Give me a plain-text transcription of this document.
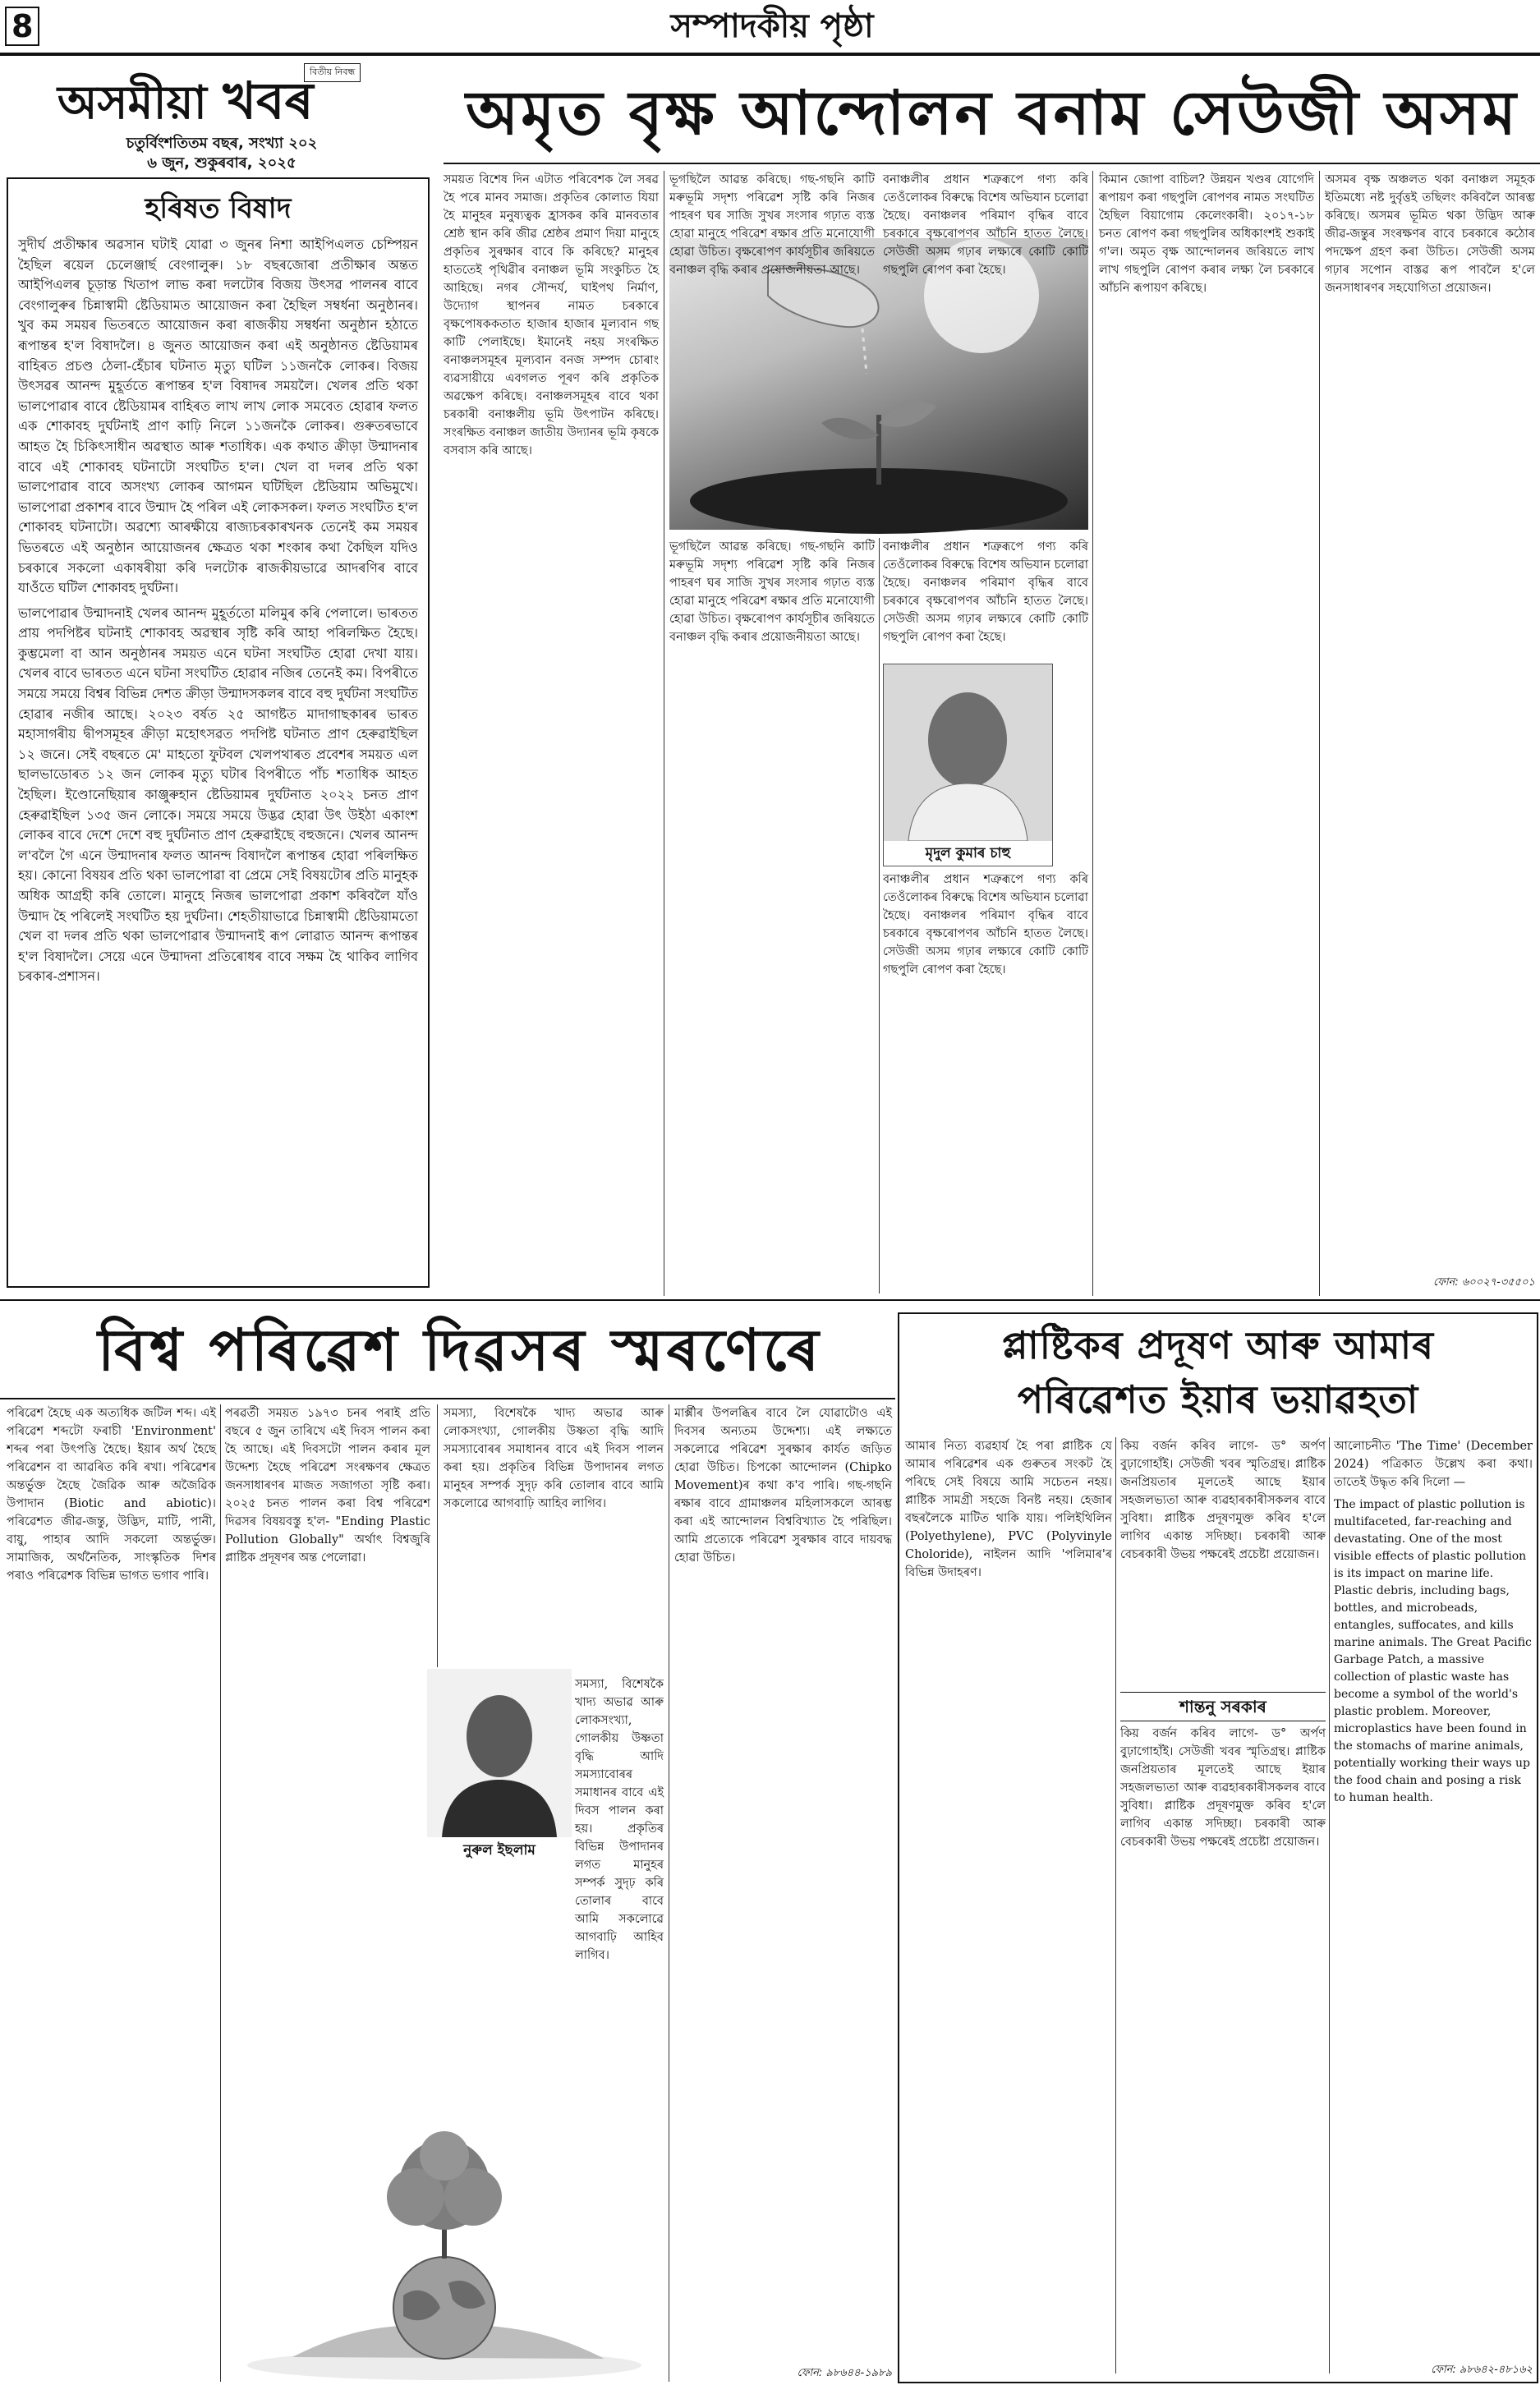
8	সম্পাদকীয় পৃষ্ঠা
বিতীয় নিবন্ধ
অসমীয়া খবৰ
চতুৰ্বিংশতিতম বছৰ, সংখ্যা ২০২
৬ জুন, শুকুৰবাৰ, ২০২৫
অমৃত বৃক্ষ আন্দোলন বনাম সেউজী অসম
হৰিষত বিষাদ

সুদীৰ্ঘ প্ৰতীক্ষাৰ অৱসান ঘটাই যোৱা ৩ জুনৰ নিশা আইপিএলত চেম্পিয়ন হৈছিল ৰয়েল চেলেঞ্জাৰ্ছ বেংগালুৰু। ১৮ বছৰজোৰা প্ৰতীক্ষাৰ অন্তত আইপিএলৰ চূড়ান্ত খিতাপ লাভ কৰা দলটোৰ বিজয় উৎসৱ পালনৰ বাবে বেংগালুৰুৰ চিন্নাস্বামী ষ্টেডিয়ামত আয়োজন কৰা হৈছিল সম্বৰ্ধনা অনুষ্ঠানৰ। খুব কম সময়ৰ ভিতৰতে আয়োজন কৰা ৰাজকীয় সম্বৰ্ধনা অনুষ্ঠান হঠাতে ৰূপান্তৰ হ'ল বিষাদলৈ। ৪ জুনত আয়োজন কৰা এই অনুষ্ঠানত ষ্টেডিয়ামৰ বাহিৰত প্ৰচণ্ড ঠেলা-হেঁচাৰ ঘটনাত মৃত্যু ঘটিল ১১জনকৈ লোকৰ। বিজয় উৎসৱৰ আনন্দ মুহূৰ্ততে ৰূপান্তৰ হ'ল বিষাদৰ সময়লৈ। খেলৰ প্ৰতি থকা ভালপোৱাৰ বাবে ষ্টেডিয়ামৰ বাহিৰত লাখ লাখ লোক সমবেত হোৱাৰ ফলত এক শোকাবহ দুৰ্ঘটনাই প্ৰাণ কাঢ়ি নিলে ১১জনকৈ লোকৰ। গুৰুতৰভাবে আহত হৈ চিকিৎসাধীন অৱস্থাত আৰু শতাধিক। এক কথাত ক্ৰীড়া উন্মাদনাৰ বাবে এই শোকাবহ ঘটনাটো সংঘটিত হ'ল। খেল বা দলৰ প্ৰতি থকা ভালপোৱাৰ বাবে অসংখ্য লোকৰ আগমন ঘটিছিল ষ্টেডিয়াম অভিমুখে। ভালপোৱা প্ৰকাশৰ বাবে উন্মাদ হৈ পৰিল এই লোকসকল। ফলত সংঘটিত হ'ল শোকাবহ ঘটনাটো। অৱশ্যে আৰক্ষীয়ে ৰাজ্যচৰকাৰখনক তেনেই কম সময়ৰ ভিতৰতে এই অনুষ্ঠান আয়োজনৰ ক্ষেত্ৰত থকা শংকাৰ কথা কৈছিল যদিও চৰকাৰে সকলো একাষৰীয়া কৰি দলটোক ৰাজকীয়ভাৱে আদৰণিৰ বাবে যাওঁতে ঘটিল শোকাবহ দুৰ্ঘটনা।

ভালপোৱাৰ উন্মাদনাই খেলৰ আনন্দ মুহূৰ্ততো মলিমুৰ কৰি পেলালে। ভাৰতত প্ৰায় পদপিষ্টৰ ঘটনাই শোকাবহ অৱস্থাৰ সৃষ্টি কৰি আহা পৰিলক্ষিত হৈছে। কুম্ভমেলা বা আন অনুষ্ঠানৰ সময়ত এনে ঘটনা সংঘটিত হোৱা দেখা যায়। খেলৰ বাবে ভাৰতত এনে ঘটনা সংঘটিত হোৱাৰ নজিৰ তেনেই কম। বিপৰীতে সময়ে সময়ে বিশ্বৰ বিভিন্ন দেশত ক্ৰীড়া উন্মাদসকলৰ বাবে বহু দুৰ্ঘটনা সংঘটিত হোৱাৰ নজীৰ আছে। ২০২৩ বৰ্ষত ২৫ আগষ্টত মাদাগাছকাৰৰ ভাৰত মহাসাগৰীয় দ্বীপসমূহৰ ক্ৰীড়া মহোৎসৱত পদপিষ্ট ঘটনাত প্ৰাণ হেৰুৱাইছিল ১২ জনে। সেই বছৰতে মে' মাহতো ফুটবল খেলপথাৰত প্ৰবেশৰ সময়ত এল ছালভাডোৰত ১২ জন লোকৰ মৃত্যু ঘটাৰ বিপৰীতে পাঁচ শতাধিক আহত হৈছিল। ইণ্ডোনেছিয়াৰ কাঞ্জুৰুহান ষ্টেডিয়ামৰ দুৰ্ঘটনাত ২০২২ চনত প্ৰাণ হেৰুৱাইছিল ১৩৫ জন লোকে। সময়ে সময়ে উদ্ভৱ হোৱা উৎ উইঠা একাংশ লোকৰ বাবে দেশে দেশে বহু দুৰ্ঘটনাত প্ৰাণ হেৰুৱাইছে বহুজনে। খেলৰ আনন্দ ল'বলৈ গৈ এনে উন্মাদনাৰ ফলত আনন্দ বিষাদলৈ ৰূপান্তৰ হোৱা পৰিলক্ষিত হয়। কোনো বিষয়ৰ প্ৰতি থকা ভালপোৱা বা প্ৰেমে সেই বিষয়টোৰ প্ৰতি মানুহক অধিক আগ্ৰহী কৰি তোলে। মানুহে নিজৰ ভালপোৱা প্ৰকাশ কৰিবলৈ যাঁও উন্মাদ হৈ পৰিলেই সংঘটিত হয় দুৰ্ঘটনা। শেহতীয়াভাৱে চিন্নাস্বামী ষ্টেডিয়ামতো খেল বা দলৰ প্ৰতি থকা ভালপোৱাৰ উন্মাদনাই ৰূপ লোৱাত আনন্দ ৰূপান্তৰ হ'ল বিষাদলৈ। সেয়ে এনে উন্মাদনা প্ৰতিৰোধৰ বাবে সক্ষম হৈ থাকিব লাগিব চৰকাৰ-প্ৰশাসন।

সময়ত বিশেষ দিন এটাত পৰিবেশক লৈ সৰৱ হৈ পৰে মানব সমাজ। প্ৰকৃতিৰ কোলাত যিয়া হৈ মানুহৰ মনুষ্যত্বক হ্ৰাসকৰ কৰি মানবতাৰ শ্ৰেষ্ঠ স্থান কৰি জীৱ শ্ৰেষ্ঠৰ প্ৰমাণ দিয়া মানুহে প্ৰকৃতিৰ সুৰক্ষাৰ বাবে কি কৰিছে? মানুহৰ হাততেই পৃথিৱীৰ বনাঞ্চল ভূমি সংকুচিত হৈ আহিছে। নগৰ সৌন্দৰ্য, ঘাইপথ নিৰ্মাণ, উদ্যোগ স্থাপনৰ নামত চৰকাৰে বৃক্ষপোষককতাত হাজাৰ হাজাৰ মূল্যবান গছ কাটি পেলাইছে। ইমানেই নহয় সংৰক্ষিত বনাঞ্চলসমূহৰ মূল্যবান বনজ সম্পদ চোৰাং ব্যৱসায়ীয়ে এবগলত পূৰণ কৰি প্ৰকৃতিক অৱক্ষেপ কৰিছে। বনাঞ্চলসমূহৰ বাবে থকা চৰকাৰী বনাঞ্চলীয় ভূমি উৎপাটন কৰিছে। সংৰক্ষিত বনাঞ্চল জাতীয় উদ্যানৰ ভূমি কৃষকে বসবাস কৰি আছে।
ভূগছিলৈ আৱন্ত কৰিছে। গছ-গছনি কাটি মৰুভূমি সদৃশ্য পৰিৱেশ সৃষ্টি কৰি নিজৰ পাহৰণ ঘৰ সাজি সুখৰ সংসাৰ গঢ়াত ব্যস্ত হোৱা মানুহে পৰিৱেশ ৰক্ষাৰ প্ৰতি মনোযোগী হোৱা উচিত। বৃক্ষৰোপণ কাৰ্যসূচীৰ জৰিয়তে বনাঞ্চল বৃদ্ধি কৰাৰ প্ৰয়োজনীয়তা আছে।
বনাঞ্চলীৰ প্ৰধান শত্ৰুৰূপে গণ্য কৰি তেওঁলোকৰ বিৰুদ্ধে বিশেষ অভিযান চলোৱা হৈছে। বনাঞ্চলৰ পৰিমাণ বৃদ্ধিৰ বাবে চৰকাৰে বৃক্ষৰোপণৰ আঁচনি হাতত লৈছে। সেউজী অসম গঢ়াৰ লক্ষ্যৰে কোটি কোটি গছপুলি ৰোপণ কৰা হৈছে।
ভূগছিলৈ আৱন্ত কৰিছে। গছ-গছনি কাটি মৰুভূমি সদৃশ্য পৰিৱেশ সৃষ্টি কৰি নিজৰ পাহৰণ ঘৰ সাজি সুখৰ সংসাৰ গঢ়াত ব্যস্ত হোৱা মানুহে পৰিৱেশ ৰক্ষাৰ প্ৰতি মনোযোগী হোৱা উচিত। বৃক্ষৰোপণ কাৰ্যসূচীৰ জৰিয়তে বনাঞ্চল বৃদ্ধি কৰাৰ প্ৰয়োজনীয়তা আছে।
মৃদুল কুমাৰ চাহু
বনাঞ্চলীৰ প্ৰধান শত্ৰুৰূপে গণ্য কৰি তেওঁলোকৰ বিৰুদ্ধে বিশেষ অভিযান চলোৱা হৈছে। বনাঞ্চলৰ পৰিমাণ বৃদ্ধিৰ বাবে চৰকাৰে বৃক্ষৰোপণৰ আঁচনি হাতত লৈছে। সেউজী অসম গঢ়াৰ লক্ষ্যৰে কোটি কোটি গছপুলি ৰোপণ কৰা হৈছে।
বনাঞ্চলীৰ প্ৰধান শত্ৰুৰূপে গণ্য কৰি তেওঁলোকৰ বিৰুদ্ধে বিশেষ অভিযান চলোৱা হৈছে। বনাঞ্চলৰ পৰিমাণ বৃদ্ধিৰ বাবে চৰকাৰে বৃক্ষৰোপণৰ আঁচনি হাতত লৈছে। সেউজী অসম গঢ়াৰ লক্ষ্যৰে কোটি কোটি গছপুলি ৰোপণ কৰা হৈছে।
কিমান জোপা বাচিল? উন্নয়ন খণ্ডৰ যোগেদি ৰূপায়ণ কৰা গছপুলি ৰোপণৰ নামত সংঘটিত হৈছিল বিয়াগোম কেলেংকাৰী। ২০১৭-১৮ চনত ৰোপণ কৰা গছপুলিৰ অধিকাংশই শুকাই গ'ল। অমৃত বৃক্ষ আন্দোলনৰ জৰিয়তে লাখ লাখ গছপুলি ৰোপণ কৰাৰ লক্ষ্য লৈ চৰকাৰে আঁচনি ৰূপায়ণ কৰিছে।
অসমৰ বৃক্ষ অঞ্চলত থকা বনাঞ্চল সমূহক ইতিমধ্যে নষ্ট দুৰ্বৃত্তই তছিলং কৰিবলৈ আৰম্ভ কৰিছে। অসমৰ ভূমিত থকা উদ্ভিদ আৰু জীৱ-জন্তুৰ সংৰক্ষণৰ বাবে চৰকাৰে কঠোৰ পদক্ষেপ গ্ৰহণ কৰা উচিত। সেউজী অসম গঢ়াৰ সপোন বাস্তৱ ৰূপ পাবলৈ হ'লে জনসাধাৰণৰ সহযোগিতা প্ৰয়োজন।
ফোন: ৬০০২৭-৩৫৫০১
বিশ্ব পৰিৱেশ দিৱসৰ স্মৰণেৰে
পৰিৱেশ হৈছে এক অত্যধিক জটিল শব্দ। এই পৰিৱেশ শব্দটো ফৰাচী 'Environment' শব্দৰ পৰা উৎপত্তি হৈছে। ইয়াৰ অৰ্থ হৈছে পৰিৱেশন বা আৱৰিত কৰি ৰখা। পৰিৱেশৰ অন্তৰ্ভুক্ত হৈছে জৈৱিক আৰু অজৈৱিক উপাদান (Biotic and abiotic)। পৰিৱেশত জীৱ-জন্তু, উদ্ভিদ, মাটি, পানী, বায়ু, পাহাৰ আদি সকলো অন্তৰ্ভুক্ত। সামাজিক, অৰ্থনৈতিক, সাংস্কৃতিক দিশৰ পৰাও পৰিৱেশক বিভিন্ন ভাগত ভগাব পাৰি।
পৰৱৰ্তী সময়ত ১৯৭৩ চনৰ পৰাই প্ৰতি বছৰে ৫ জুন তাৰিখে এই দিবস পালন কৰা হৈ আছে। এই দিবসটো পালন কৰাৰ মূল উদ্দেশ্য হৈছে পৰিৱেশ সংৰক্ষণৰ ক্ষেত্ৰত জনসাধাৰণৰ মাজত সজাগতা সৃষ্টি কৰা। ২০২৫ চনত পালন কৰা বিশ্ব পৰিৱেশ দিৱসৰ বিষয়বস্তু হ'ল- "Ending Plastic Pollution Globally" অৰ্থাৎ বিশ্বজুৰি প্লাষ্টিক প্ৰদূষণৰ অন্ত পেলোৱা।
নুৰুল ইছলাম
সমস্যা, বিশেষকৈ খাদ্য অভাৱ আৰু লোকসংখ্যা, গোলকীয় উষ্ণতা বৃদ্ধি আদি সমস্যাবোৰৰ সমাধানৰ বাবে এই দিবস পালন কৰা হয়। প্ৰকৃতিৰ বিভিন্ন উপাদানৰ লগত মানুহৰ সম্পৰ্ক সুদৃঢ় কৰি তোলাৰ বাবে আমি সকলোৱে আগবাঢ়ি আহিব লাগিব।
সমস্যা, বিশেষকৈ খাদ্য অভাৱ আৰু লোকসংখ্যা, গোলকীয় উষ্ণতা বৃদ্ধি আদি সমস্যাবোৰৰ সমাধানৰ বাবে এই দিবস পালন কৰা হয়। প্ৰকৃতিৰ বিভিন্ন উপাদানৰ লগত মানুহৰ সম্পৰ্ক সুদৃঢ় কৰি তোলাৰ বাবে আমি সকলোৱে আগবাঢ়ি আহিব লাগিব।
মাৰ্ক্সীৰ উপলব্ধিৰ বাবে লৈ যোৱাটোও এই দিবসৰ অন্যতম উদ্দেশ্য। এই লক্ষ্যতে সকলোৱে পৰিৱেশ সুৰক্ষাৰ কাৰ্যত জড়িত হোৱা উচিত। চিপকো আন্দোলন (Chipko Movement)ৰ কথা ক'ব পাৰি। গছ-গছনি ৰক্ষাৰ বাবে গ্ৰামাঞ্চলৰ মহিলাসকলে আৰম্ভ কৰা এই আন্দোলন বিশ্ববিখ্যাত হৈ পৰিছিল। আমি প্ৰত্যেকে পৰিৱেশ সুৰক্ষাৰ বাবে দায়বদ্ধ হোৱা উচিত।
ফোন: ৯৮৬৪৪-১৯৮৯
প্লাষ্টিকৰ প্ৰদূষণ আৰু আমাৰ
পৰিৱেশত ইয়াৰ ভয়াৱহতা
আমাৰ নিত্য ব্যৱহাৰ্য হৈ পৰা প্লাষ্টিক যে আমাৰ পৰিৱেশৰ এক গুৰুতৰ সংকট হৈ পৰিছে সেই বিষয়ে আমি সচেতন নহয়। প্লাষ্টিক সামগ্ৰী সহজে বিনষ্ট নহয়। হেজাৰ বছৰলৈকে মাটিত থাকি যায়। পলিইথিলিন (Polyethylene), PVC (Polyvinyle Choloride), নাইলন আদি 'পলিমাৰ'ৰ বিভিন্ন উদাহৰণ।
কিয় বৰ্জন কৰিব লাগে- ড° অৰ্পণ বুঢ়াগোহাঁই। সেউজী খবৰ স্মৃতিগ্ৰন্থ। প্লাষ্টিক জনপ্ৰিয়তাৰ মূলতেই আছে ইয়াৰ সহজলভ্যতা আৰু ব্যৱহাৰকাৰীসকলৰ বাবে সুবিধা। প্লাষ্টিক প্ৰদূষণমুক্ত কৰিব হ'লে লাগিব একান্ত সদিচ্ছা। চৰকাৰী আৰু বেচৰকাৰী উভয় পক্ষৰেই প্ৰচেষ্টা প্ৰয়োজন।
শান্তনু সৰকাৰ
কিয় বৰ্জন কৰিব লাগে- ড° অৰ্পণ বুঢ়াগোহাঁই। সেউজী খবৰ স্মৃতিগ্ৰন্থ। প্লাষ্টিক জনপ্ৰিয়তাৰ মূলতেই আছে ইয়াৰ সহজলভ্যতা আৰু ব্যৱহাৰকাৰীসকলৰ বাবে সুবিধা। প্লাষ্টিক প্ৰদূষণমুক্ত কৰিব হ'লে লাগিব একান্ত সদিচ্ছা। চৰকাৰী আৰু বেচৰকাৰী উভয় পক্ষৰেই প্ৰচেষ্টা প্ৰয়োজন।

আলোচনীত 'The Time' (December 2024) পত্ৰিকাত উল্লেখ কৰা কথা। তাতেই উদ্ধৃত কৰি দিলো —

The impact of plastic pollution is multifaceted, far-reaching and devastating. One of the most visible effects of plastic pollution is its impact on marine life. Plastic debris, including bags, bottles, and microbeads, entangles, suffocates, and kills marine animals. The Great Pacific Garbage Patch, a massive collection of plastic waste has become a symbol of the world's plastic problem. Moreover, microplastics have been found in the stomachs of marine animals, potentially working their ways up the food chain and posing a risk to human health.

ফোন: ৯৮৬৪২-৪৮১৬২
